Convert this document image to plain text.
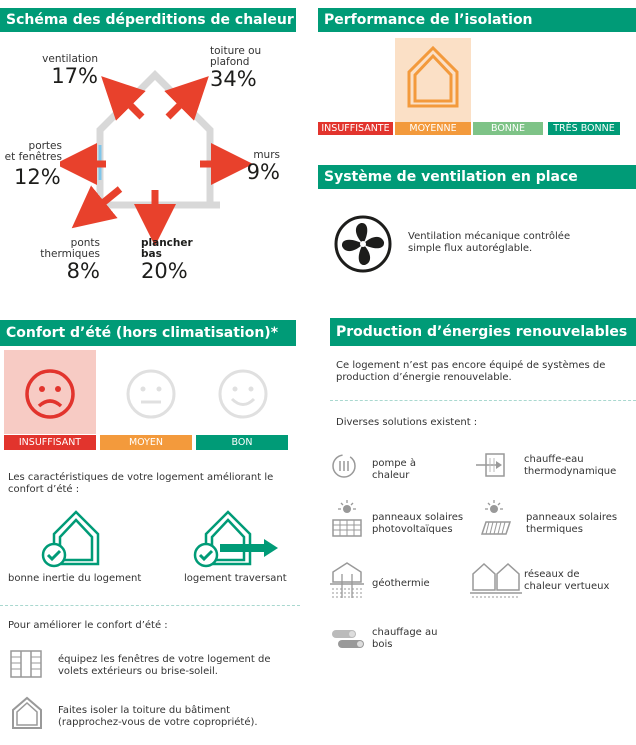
Schéma des déperditions de chaleur
ventilation
17%
toiture ou
plafond
34%
portes
et fenêtres
12%
murs
9%
ponts
thermiques
8%
plancher
bas
20%
Performance de l’isolation
INSUFFISANTE	MOYENNE	BONNE	TRÈS BONNE
Système de ventilation en place
Ventilation mécanique contrôlée
simple flux autoréglable.
Confort d’été (hors climatisation)*
INSUFFISANT	MOYEN	BON
Les caractéristiques de votre logement améliorant le
confort d’été :
bonne inertie du logement	logement traversant
Pour améliorer le confort d’été :
équipez les fenêtres de votre logement de
volets extérieurs ou brise-soleil.
Faites isoler la toiture du bâtiment
(rapprochez-vous de votre copropriété).
Production d’énergies renouvelables
Ce logement n’est pas encore équipé de systèmes de
production d’énergie renouvelable.
Diverses solutions existent :
pompe à
chaleur
chauffe-eau
thermodynamique
panneaux solaires
photovoltaïques
panneaux solaires
thermiques
géothermie
réseaux de
chaleur vertueux
chauffage au
bois
